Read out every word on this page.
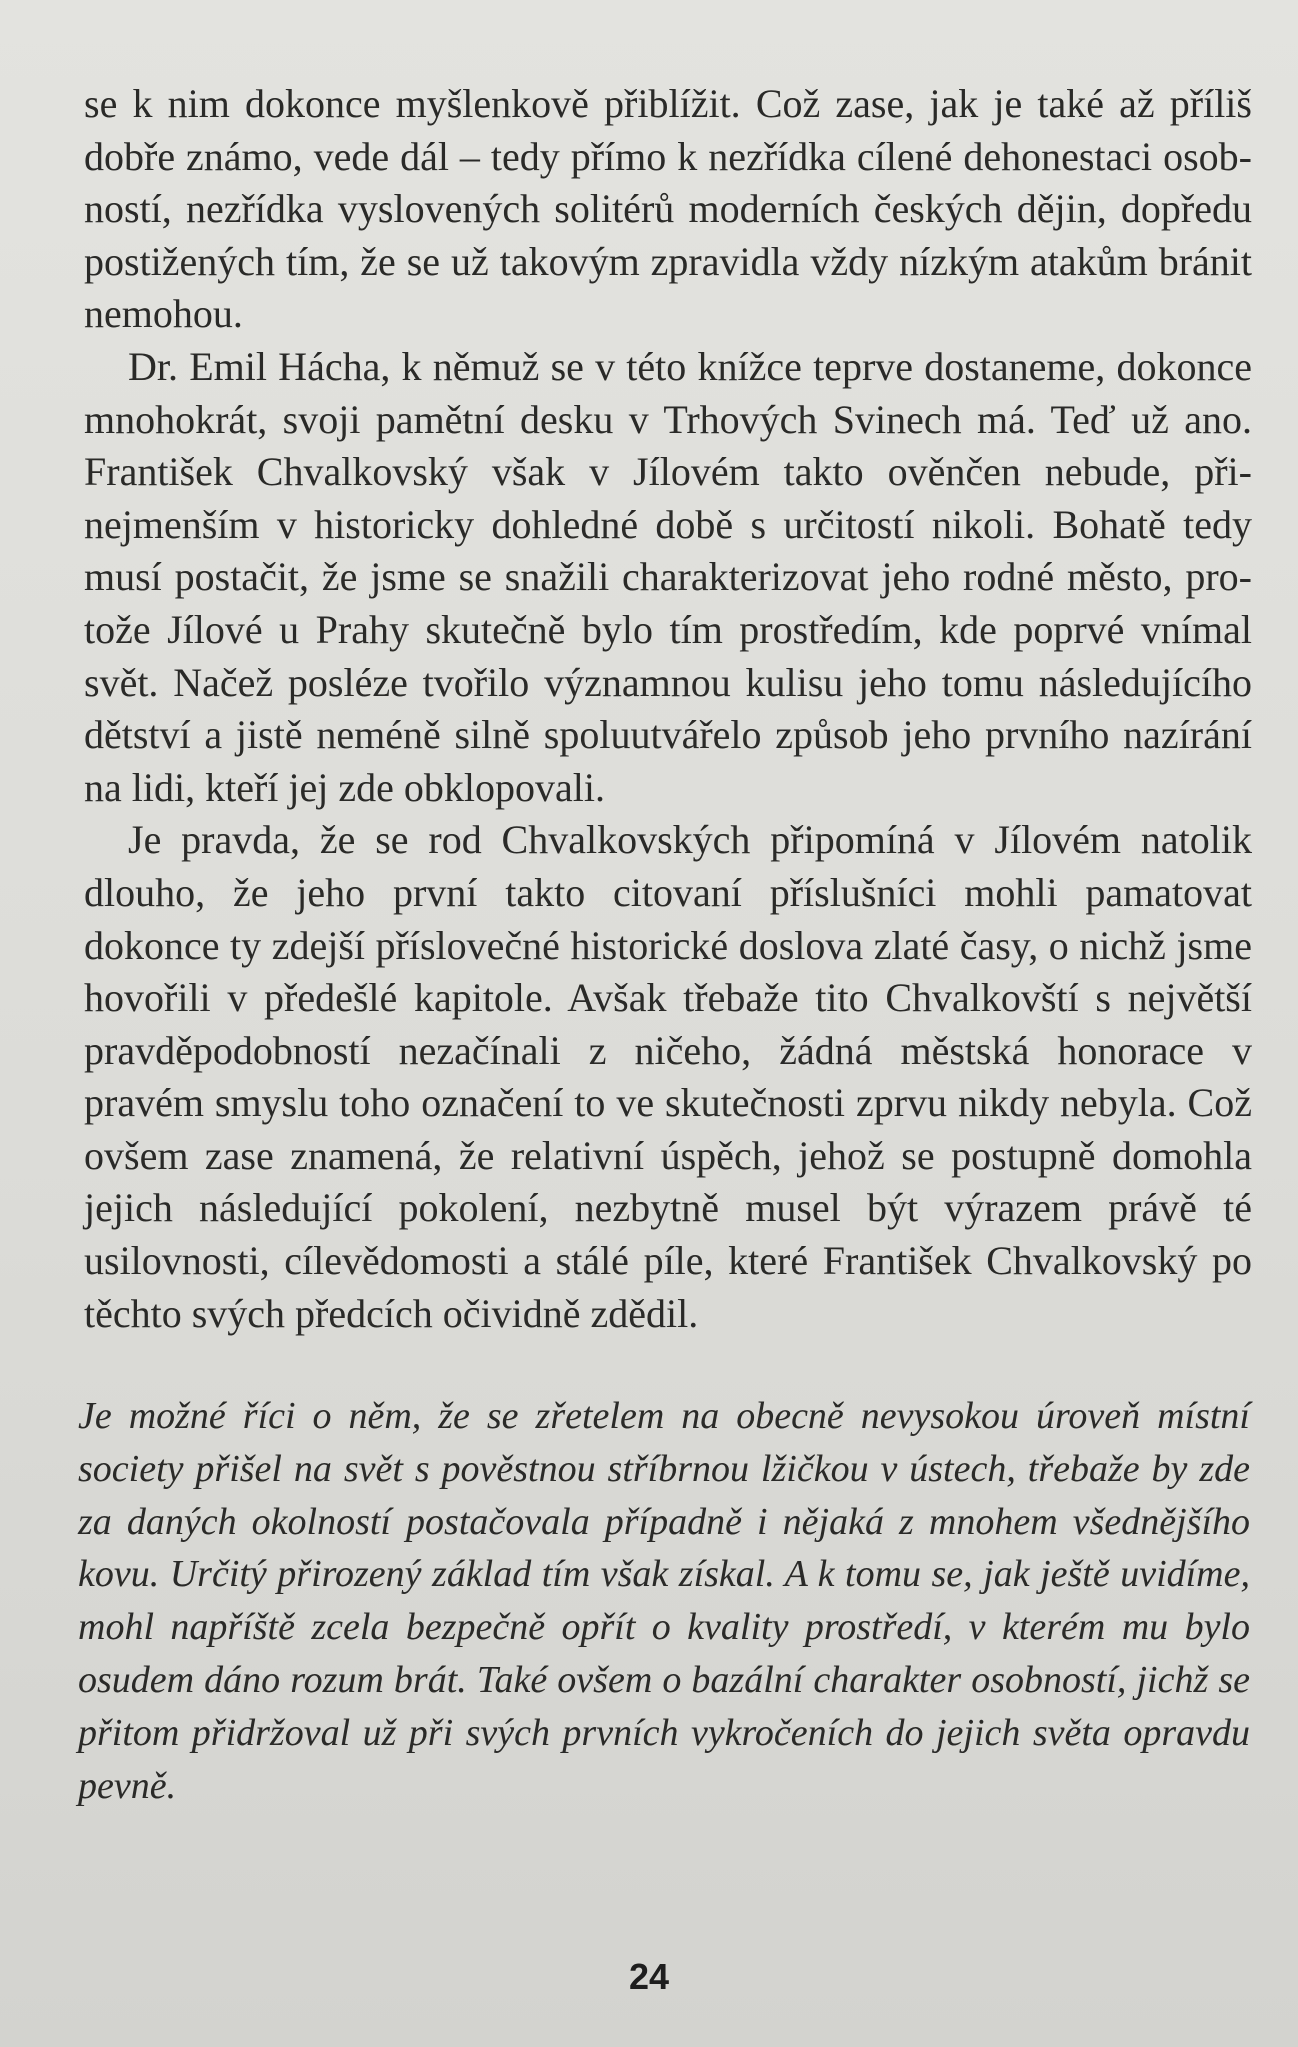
se k nim dokonce myšlenkově přiblížit. Což zase, jak je také až příliš dobře známo, vede dál – tedy přímo k nezřídka cílené dehonestaci osobností, nezřídka vyslovených solitérů moderních českých dějin, dopředu postižených tím, že se už takovým zpravidla vždy nízkým atakům bránit nemohou.

Dr. Emil Hácha, k němuž se v této knížce teprve dostaneme, dokonce mnohokrát, svoji pamětní desku v Trhových Svinech má. Teď už ano. František Chvalkovský však v Jílovém takto ověnčen nebude, přinejmenším v historicky dohledné době s určitostí nikoli. Bohatě tedy musí postačit, že jsme se snažili charakterizovat jeho rodné město, protože Jílové u Prahy skutečně bylo tím prostředím, kde poprvé vnímal svět. Načež posléze tvořilo významnou kulisu jeho tomu následujícího dětství a jistě neméně silně spoluutvářelo způsob jeho prvního nazírání na lidi, kteří jej zde obklopovali.

Je pravda, že se rod Chvalkovských připomíná v Jílovém natolik dlouho, že jeho první takto citovaní příslušníci mohli pamatovat dokonce ty zdejší příslovečné historické doslova zlaté časy, o nichž jsme hovořili v předešlé kapitole. Avšak třebaže tito Chvalkovští s největší pravděpodobností nezačínali z ničeho, žádná městská honorace v pravém smyslu toho označení to ve skutečnosti zprvu nikdy nebyla. Což ovšem zase znamená, že relativní úspěch, jehož se postupně domohla jejich následující pokolení, nezbytně musel být výrazem právě té usilovnosti, cílevědomosti a stálé píle, které František Chvalkovský po těchto svých předcích očividně zdědil.

Je možné říci o něm, že se zřetelem na obecně nevysokou úroveň místní society přišel na svět s pověstnou stříbrnou lžičkou v ústech, třebaže by zde za daných okolností postačovala případně i nějaká z mnohem všednějšího kovu. Určitý přirozený základ tím však získal. A k tomu se, jak ještě uvidíme, mohl napříště zcela bezpečně opřít o kvality prostředí, v kterém mu bylo osudem dáno rozum brát. Také ovšem o bazální charakter osobností, jichž se přitom přidržoval už při svých prvních vykročeních do jejich světa opravdu pevně.

24
